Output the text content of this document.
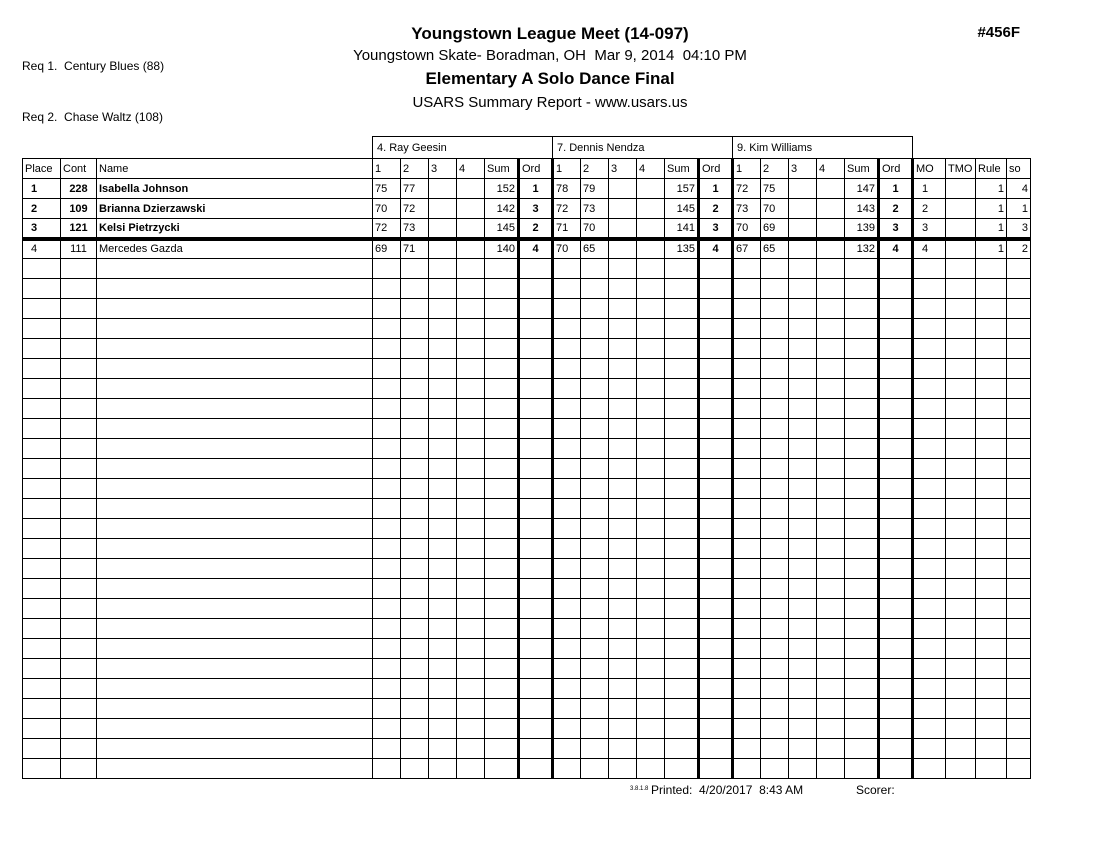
Req 1.  Century Blues (88)

Req 2.  Chase Waltz (108)

Youngstown League Meet (14-097)
Youngstown Skate- Boradman, OH  Mar 9, 2014  04:10 PM
Elementary A Solo Dance Final
USARS Summary Report - www.usars.us
#456F
			4. Ray Geesin						7. Dennis Nendza						9. Kim Williams									
Place	Cont	Name	1	2	3	4	Sum	Ord	1	2	3	4	Sum	Ord	1	2	3	4	Sum	Ord	MO	TMO	Rule	so
1	228	Isabella Johnson	75	77			152	1	78	79			157	1	72	75			147	1	1		1	4
2	109	Brianna Dzierzawski	70	72			142	3	72	73			145	2	73	70			143	2	2		1	1
3	121	Kelsi Pietrzycki	72	73			145	2	71	70			141	3	70	69			139	3	3		1	3
4	111	Mercedes Gazda	69	71			140	4	70	65			135	4	67	65			132	4	4		1	2

3.8.1.8 Printed:  4/20/2017  8:43 AM	Scorer:
